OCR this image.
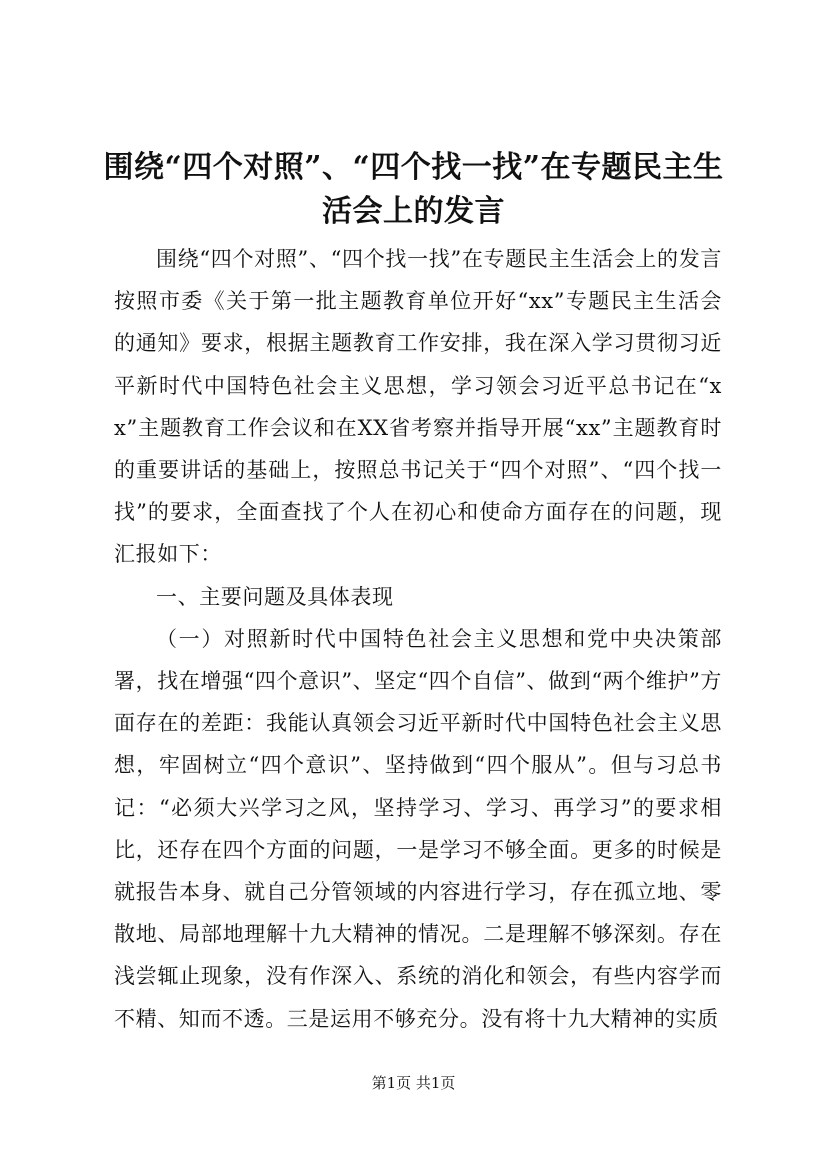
围绕“四个对照”、“四个找一找”在专题民主生活会上的发言

围绕“四个对照”、“四个找一找”在专题民主生活会上的发言按照市委《关于第一批主题教育单位开好“xx”专题民主生活会的通知》要求，根据主题教育工作安排，我在深入学习贯彻习近平新时代中国特色社会主义思想，学习领会习近平总书记在“xx”主题教育工作会议和在XX省考察并指导开展“xx”主题教育时的重要讲话的基础上，按照总书记关于“四个对照”、“四个找一找”的要求，全面查找了个人在初心和使命方面存在的问题，现汇报如下：

一、主要问题及具体表现

（一）对照新时代中国特色社会主义思想和党中央决策部署，找在增强“四个意识”、坚定“四个自信”、做到“两个维护”方面存在的差距：我能认真领会习近平新时代中国特色社会主义思想，牢固树立“四个意识”、坚持做到“四个服从”。但与习总书记：“必须大兴学习之风，坚持学习、学习、再学习”的要求相比，还存在四个方面的问题，一是学习不够全面。更多的时候是就报告本身、就自己分管领域的内容进行学习，存在孤立地、零散地、局部地理解十九大精神的情况。二是理解不够深刻。存在浅尝辄止现象，没有作深入、系统的消化和领会，有些内容学而不精、知而不透。三是运用不够充分。没有将十九大精神的实质

第1页 共1页
